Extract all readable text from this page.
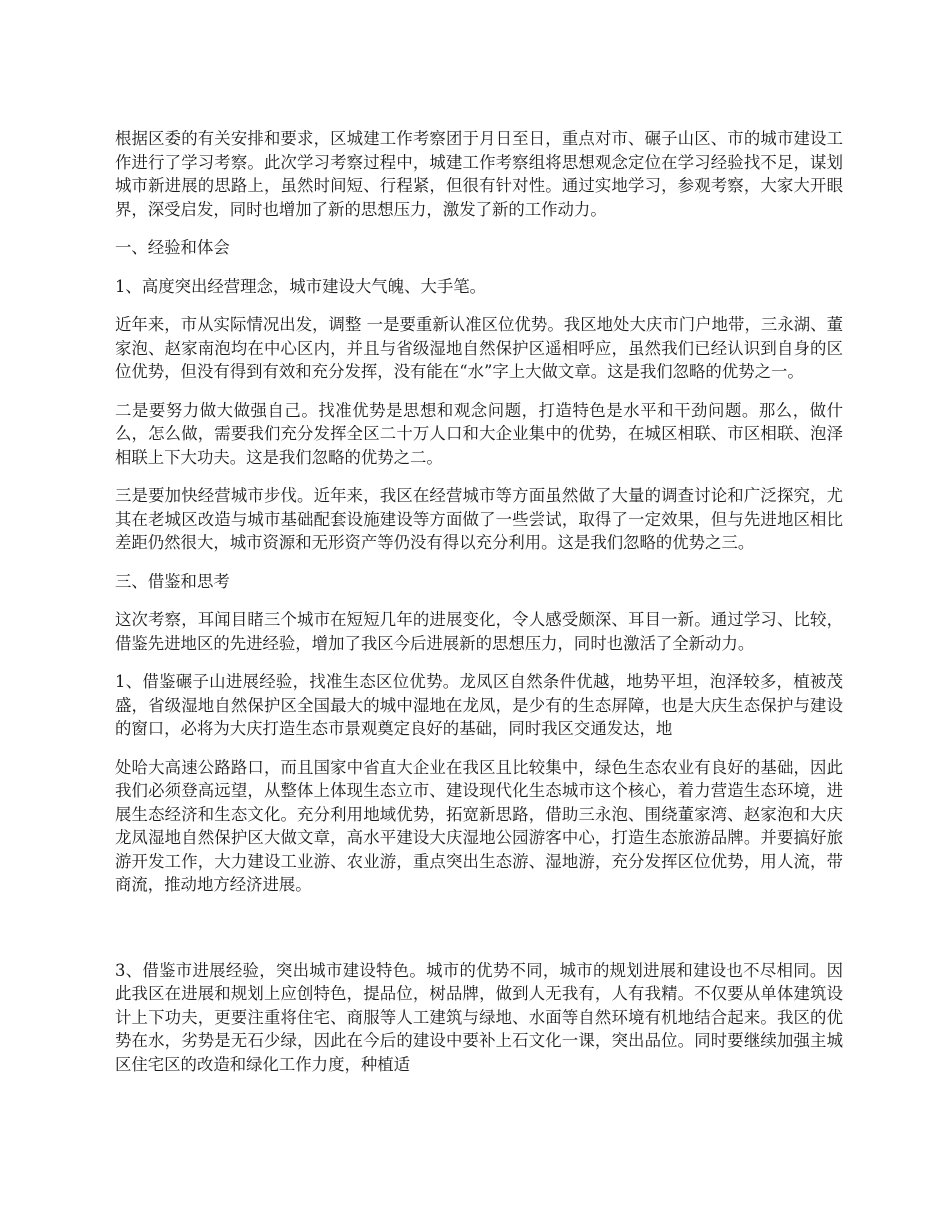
根据区委的有关安排和要求，区城建工作考察团于月日至日，重点对市、碾子山区、市的城市建设工作进行了学习考察。此次学习考察过程中，城建工作考察组将思想观念定位在学习经验找不足，谋划城市新进展的思路上，虽然时间短、行程紧，但很有针对性。通过实地学习，参观考察，大家大开眼界，深受启发，同时也增加了新的思想压力，激发了新的工作动力。

一、经验和体会

1、高度突出经营理念，城市建设大气魄、大手笔。

近年来，市从实际情况出发，调整 一是要重新认准区位优势。我区地处大庆市门户地带，三永湖、董家泡、赵家南泡均在中心区内，并且与省级湿地自然保护区遥相呼应，虽然我们已经认识到自身的区位优势，但没有得到有效和充分发挥，没有能在“水”字上大做文章。这是我们忽略的优势之一。

二是要努力做大做强自己。找准优势是思想和观念问题，打造特色是水平和干劲问题。那么，做什么，怎么做，需要我们充分发挥全区二十万人口和大企业集中的优势，在城区相联、市区相联、泡泽相联上下大功夫。这是我们忽略的优势之二。

三是要加快经营城市步伐。近年来，我区在经营城市等方面虽然做了大量的调查讨论和广泛探究，尤其在老城区改造与城市基础配套设施建设等方面做了一些尝试，取得了一定效果，但与先进地区相比差距仍然很大，城市资源和无形资产等仍没有得以充分利用。这是我们忽略的优势之三。

三、借鉴和思考

这次考察，耳闻目睹三个城市在短短几年的进展变化，令人感受颇深、耳目一新。通过学习、比较，借鉴先进地区的先进经验，增加了我区今后进展新的思想压力，同时也激活了全新动力。

1、借鉴碾子山进展经验，找准生态区位优势。龙凤区自然条件优越，地势平坦，泡泽较多，植被茂盛，省级湿地自然保护区全国最大的城中湿地在龙凤，是少有的生态屏障，也是大庆生态保护与建设的窗口，必将为大庆打造生态市景观奠定良好的基础，同时我区交通发达，地

处哈大高速公路路口，而且国家中省直大企业在我区且比较集中，绿色生态农业有良好的基础，因此我们必须登高远望，从整体上体现生态立市、建设现代化生态城市这个核心，着力营造生态环境，进展生态经济和生态文化。充分利用地域优势，拓宽新思路，借助三永泡、围绕董家湾、赵家泡和大庆龙凤湿地自然保护区大做文章，高水平建设大庆湿地公园游客中心，打造生态旅游品牌。并要搞好旅游开发工作，大力建设工业游、农业游，重点突出生态游、湿地游，充分发挥区位优势，用人流，带商流，推动地方经济进展。

3、借鉴市进展经验，突出城市建设特色。城市的优势不同，城市的规划进展和建设也不尽相同。因此我区在进展和规划上应创特色，提品位，树品牌，做到人无我有，人有我精。不仅要从单体建筑设计上下功夫，更要注重将住宅、商服等人工建筑与绿地、水面等自然环境有机地结合起来。我区的优势在水，劣势是无石少绿，因此在今后的建设中要补上石文化一课，突出品位。同时要继续加强主城区住宅区的改造和绿化工作力度，种植适
